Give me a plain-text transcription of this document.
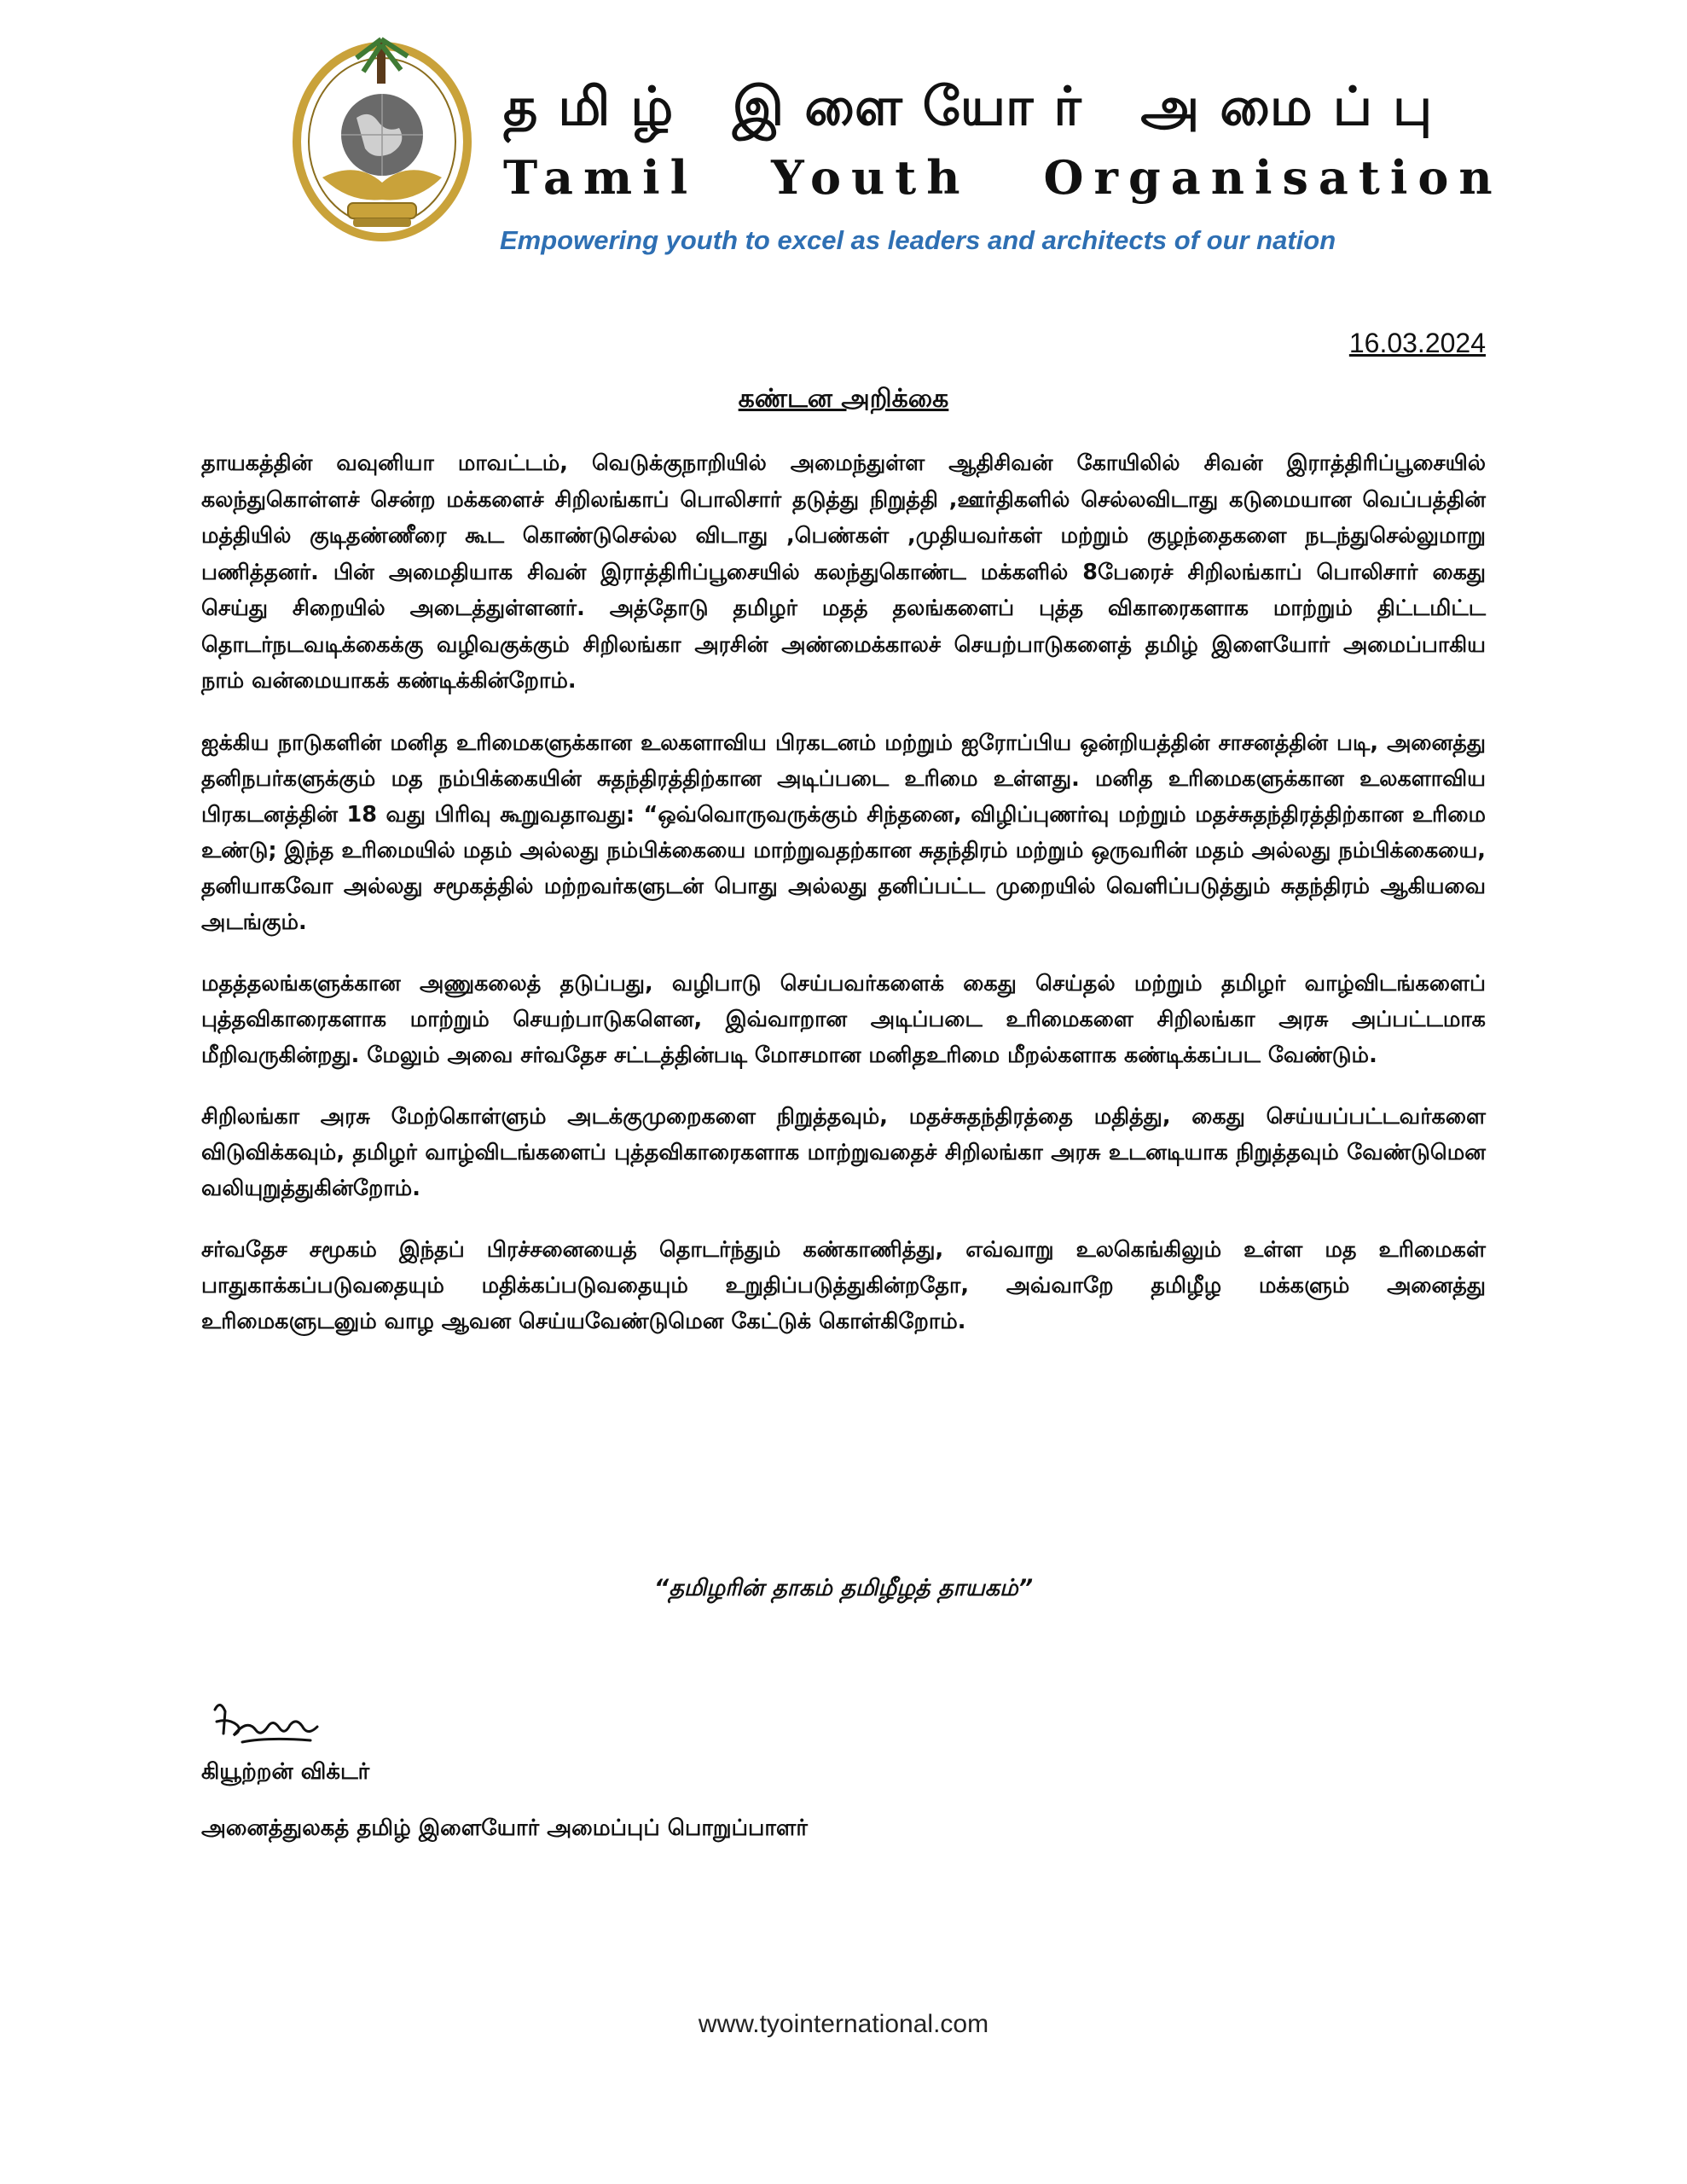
தமிழ் இளையோர் அமைப்பு
Tamil Youth Organisation
Empowering youth to excel as leaders and architects of our nation
16.03.2024
கண்டன அறிக்கை

தாயகத்தின் வவுனியா மாவட்டம், வெடுக்குநாறியில் அமைந்துள்ள ஆதிசிவன் கோயிலில் சிவன் இராத்திரிப்பூசையில் கலந்துகொள்ளச் சென்ற மக்களைச் சிறிலங்காப் பொலிசார் தடுத்து நிறுத்தி ,ஊர்திகளில் செல்லவிடாது கடுமையான வெப்பத்தின் மத்தியில் குடிதண்ணீரை கூட கொண்டுசெல்ல விடாது ,பெண்கள் ,முதியவர்கள் மற்றும் குழந்தைகளை நடந்துசெல்லுமாறு பணித்தனர். பின் அமைதியாக சிவன் இராத்திரிப்பூசையில் கலந்துகொண்ட மக்களில் 8பேரைச் சிறிலங்காப் பொலிசார் கைது செய்து சிறையில் அடைத்துள்ளனர். அத்தோடு தமிழர் மதத் தலங்களைப் புத்த விகாரைகளாக மாற்றும் திட்டமிட்ட தொடர்நடவடிக்கைக்கு வழிவகுக்கும் சிறிலங்கா அரசின் அண்மைக்காலச் செயற்பாடுகளைத் தமிழ் இளையோர் அமைப்பாகிய நாம் வன்மையாகக் கண்டிக்கின்றோம்.

ஐக்கிய நாடுகளின் மனித உரிமைகளுக்கான உலகளாவிய பிரகடனம் மற்றும் ஐரோப்பிய ஒன்றியத்தின் சாசனத்தின் படி, அனைத்து தனிநபர்களுக்கும் மத நம்பிக்கையின் சுதந்திரத்திற்கான அடிப்படை உரிமை உள்ளது. மனித உரிமைகளுக்கான உலகளாவிய பிரகடனத்தின் 18 வது பிரிவு கூறுவதாவது: “ஒவ்வொருவருக்கும் சிந்தனை, விழிப்புணர்வு மற்றும் மதச்சுதந்திரத்திற்கான உரிமை உண்டு; இந்த உரிமையில் மதம் அல்லது நம்பிக்கையை மாற்றுவதற்கான சுதந்திரம் மற்றும் ஒருவரின் மதம் அல்லது நம்பிக்கையை, தனியாகவோ அல்லது சமூகத்தில் மற்றவர்களுடன் பொது அல்லது தனிப்பட்ட முறையில் வெளிப்படுத்தும் சுதந்திரம் ஆகியவை அடங்கும்.

மதத்தலங்களுக்கான அணுகலைத் தடுப்பது, வழிபாடு செய்பவர்களைக் கைது செய்தல் மற்றும் தமிழர் வாழ்விடங்களைப் புத்தவிகாரைகளாக மாற்றும் செயற்பாடுகளென, இவ்வாறான அடிப்படை உரிமைகளை சிறிலங்கா அரசு அப்பட்டமாக மீறிவருகின்றது. மேலும் அவை சர்வதேச சட்டத்தின்படி மோசமான மனிதஉரிமை மீறல்களாக கண்டிக்கப்பட வேண்டும்.

சிறிலங்கா அரசு மேற்கொள்ளும் அடக்குமுறைகளை நிறுத்தவும், மதச்சுதந்திரத்தை மதித்து, கைது செய்யப்பட்டவர்களை விடுவிக்கவும், தமிழர் வாழ்விடங்களைப் புத்தவிகாரைகளாக மாற்றுவதைச் சிறிலங்கா அரசு உடனடியாக நிறுத்தவும் வேண்டுமென வலியுறுத்துகின்றோம்.

சர்வதேச சமூகம் இந்தப் பிரச்சனையைத் தொடர்ந்தும் கண்காணித்து, எவ்வாறு உலகெங்கிலும் உள்ள மத உரிமைகள் பாதுகாக்கப்படுவதையும் மதிக்கப்படுவதையும் உறுதிப்படுத்துகின்றதோ, அவ்வாறே தமிழீழ மக்களும் அனைத்து உரிமைகளுடனும் வாழ ஆவன செய்யவேண்டுமென கேட்டுக் கொள்கிறோம்.

“தமிழரின் தாகம் தமிழீழத் தாயகம்”
கியூற்றன் விக்டர்
அனைத்துலகத் தமிழ் இளையோர் அமைப்புப் பொறுப்பாளர்
www.tyointernational.com
